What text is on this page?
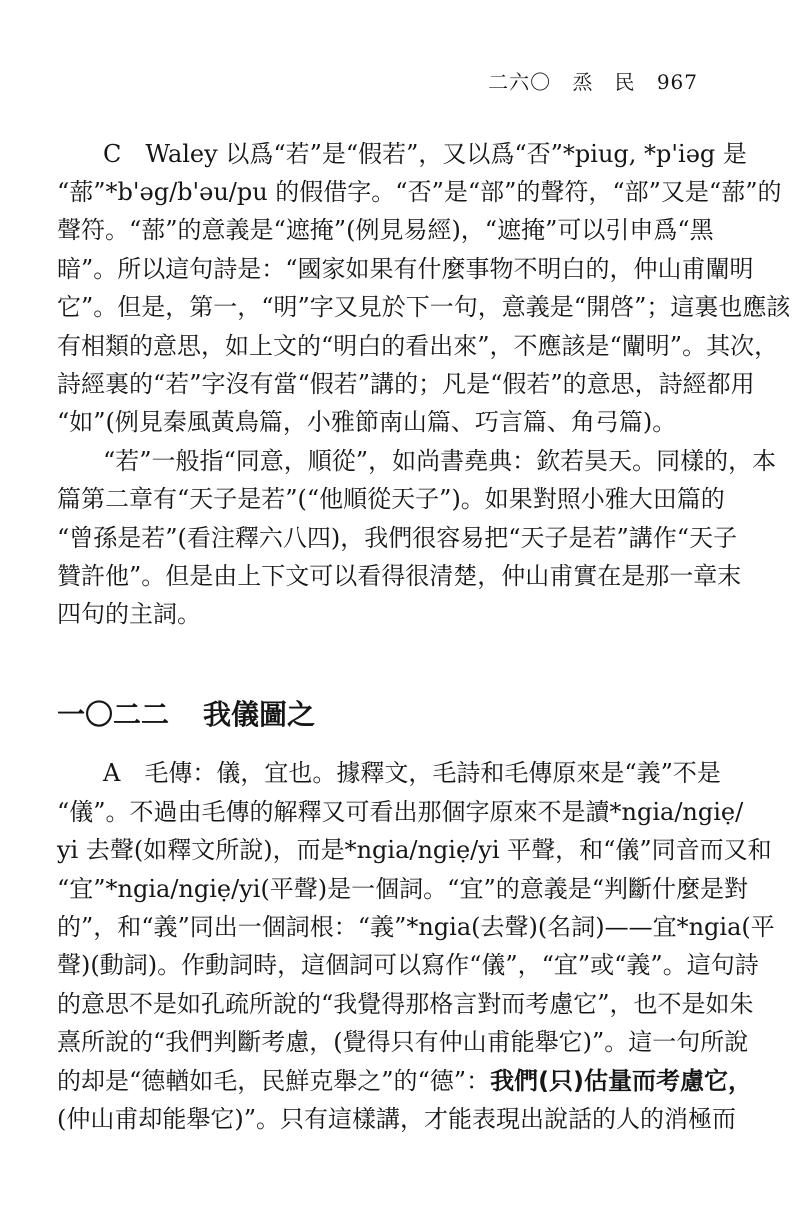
二六〇 烝　民 967
C　Waley 以爲“若”是“假若”，又以爲“否”*piug, *p'iəg 是
“蔀”*b'əg/b'əu/pu 的假借字。“否”是“部”的聲符，“部”又是“蔀”的
聲符。“蔀”的意義是“遮掩”(例見易經)，“遮掩”可以引申爲“黑
暗”。所以這句詩是：“國家如果有什麼事物不明白的，仲山甫闡明
它”。但是，第一，“明”字又見於下一句，意義是“開啓”；這裏也應該
有相類的意思，如上文的“明白的看出來”，不應該是“闡明”。其次，
詩經裏的“若”字沒有當“假若”講的；凡是“假若”的意思，詩經都用
“如”(例見秦風黃鳥篇，小雅節南山篇、巧言篇、角弓篇)。
“若”一般指“同意，順從”，如尚書堯典：欽若昊天。同樣的，本
篇第二章有“天子是若”(“他順從天子”)。如果對照小雅大田篇的
“曾孫是若”(看注釋六八四)，我們很容易把“天子是若”講作“天子
贊許他”。但是由上下文可以看得很清楚，仲山甫實在是那一章末
四句的主詞。
一〇二二 我儀圖之
A　毛傳：儀，宜也。據釋文，毛詩和毛傳原來是“義”不是
“儀”。不過由毛傳的解釋又可看出那個字原來不是讀*ngia/ngiẹ/
yi 去聲(如釋文所說)，而是*ngia/ngiẹ/yi 平聲，和“儀”同音而又和
“宜”*ngia/ngiẹ/yi(平聲)是一個詞。“宜”的意義是“判斷什麼是對
的”，和“義”同出一個詞根：“義”*ngia(去聲)(名詞)——宜*ngia(平
聲)(動詞)。作動詞時，這個詞可以寫作“儀”，“宜”或“義”。這句詩
的意思不是如孔疏所說的“我覺得那格言對而考慮它”，也不是如朱
熹所說的“我們判斷考慮，(覺得只有仲山甫能舉它)”。這一句所說
的却是“德輶如毛，民鮮克舉之”的“德”：我們(只)估量而考慮它，
(仲山甫却能舉它)”。只有這樣講，才能表現出說話的人的消極而
